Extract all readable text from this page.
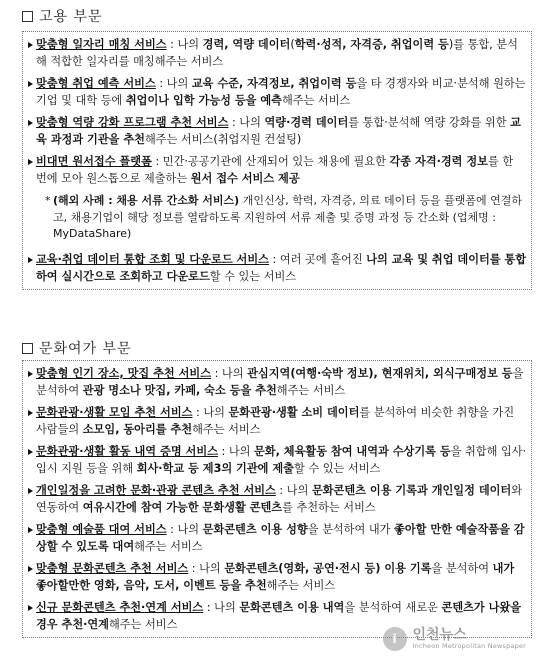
고용 부문
맞춤형 일자리 매칭 서비스 : 나의 경력, 역량 데이터(학력·성적, 자격증, 취업이력 등)를 통합, 분석해 적합한 일자리를 매칭해주는 서비스
맞춤형 취업 예측 서비스 : 나의 교육 수준, 자격정보, 취업이력 등을 타 경쟁자와 비교·분석해 원하는 기업 및 대학 등에 취업이나 입학 가능성 등을 예측해주는 서비스
맞춤형 역량 강화 프로그램 추천 서비스 : 나의 역량·경력 데이터를 통합·분석해 역량 강화를 위한 교육 과정과 기관을 추천해주는 서비스(취업지원 컨설팅)
비대면 원서접수 플랫폼 : 민간·공공기관에 산재되어 있는 채용에 필요한 각종 자격·경력 정보를 한 번에 모아 원스톱으로 제출하는 원서 접수 서비스 제공
* (해외 사례 : 채용 서류 간소화 서비스) 개인신상, 학력, 자격증, 의료 데이터 등을 플랫폼에 연결하고, 채용기업이 해당 정보를 열람하도록 지원하여 서류 제출 및 증명 과정 등 간소화 (업체명 : MyDataShare)
교육·취업 데이터 통합 조회 및 다운로드 서비스 : 여러 곳에 흩어진 나의 교육 및 취업 데이터를 통합하여 실시간으로 조회하고 다운로드할 수 있는 서비스
문화여가 부문
맞춤형 인기 장소, 맛집 추천 서비스 : 나의 관심지역(여행·숙박 정보), 현재위치, 외식구매정보 등을 분석하여 관광 명소나 맛집, 카페, 숙소 등을 추천해주는 서비스
문화관광·생활 모임 추천 서비스 : 나의 문화관광·생활 소비 데이터를 분석하여 비슷한 취향을 가진 사람들의 소모임, 동아리를 추천해주는 서비스
문화관광·생활 활동 내역 증명 서비스 : 나의 문화, 체육활동 참여 내역과 수상기록 등을 취합해 입사·입시 지원 등을 위해 회사·학교 등 제3의 기관에 제출할 수 있는 서비스
개인일정을 고려한 문화·관광 콘텐츠 추천 서비스 : 나의 문화콘텐츠 이용 기록과 개인일정 데이터와 연동하여 여유시간에 참여 가능한 문화생활 콘텐츠를 추천하는 서비스
맞춤형 예술품 대여 서비스 : 나의 문화콘텐츠 이용 성향을 분석하여 내가 좋아할 만한 예술작품을 감상할 수 있도록 대여해주는 서비스
맞춤형 문화콘텐츠 추천 서비스 : 나의 문화콘텐츠(영화, 공연·전시 등) 이용 기록을 분석하여 내가 좋아할만한 영화, 음악, 도서, 이벤트 등을 추천해주는 서비스
신규 문화콘텐츠 추천·연계 서비스 : 나의 문화콘텐츠 이용 내역을 분석하여 새로운 콘텐츠가 나왔을 경우 추천·연계해주는 서비스
i	인천뉴스
Incheon Metropolitan Newspaper
